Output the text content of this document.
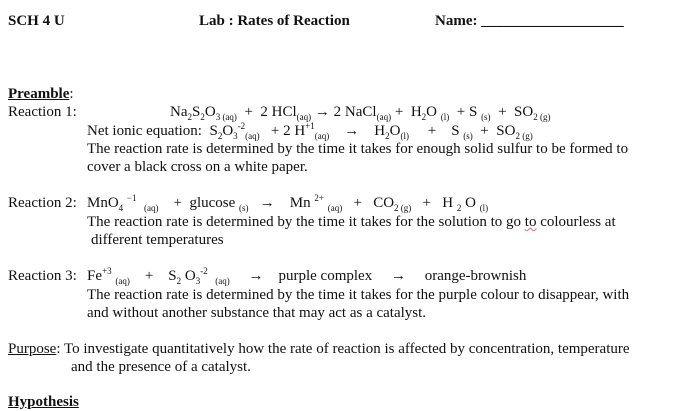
SCH 4 U	Lab : Rates of Reaction	Name: ___________________
Preamble:
Reaction 1:	$Na_2S_2O_{3 (aq)} + 2$ HCl$_{(aq)}$ → 2 NaCl$_{(aq)}$ + $H_2O$ $_{(l)}$ + S $_{(s)} + SO_{2 (g)}$
Net ionic equation: $S_2O_3^{-2}_{(aq)} + 2$ $H^{+1}_{(aq)} \to H_2O_{(l)} + S$ $_{(s)} + SO_{2 (g)}$
The reaction rate is determined by the time it takes for enough solid sulfur to be formed to
cover a black cross on a white paper.
Reaction 2: MnO$_4$ $^{-1}$  $_{(aq)}$ + glucose $_{(s)}$ → Mn $^{2+}$ $_{(aq)} + CO_{2 (g)} + H$ $_2$ O $_{(l)}$
The reaction rate is determined by the time it takes for the solution to go to colourless at
different temperatures
Reaction 3: $Fe^{+3}$ $_{(aq)} + S_2$ $O_3^{-2}$  $_{(aq)}$ → purple complex → orange-brownish
The reaction rate is determined by the time it takes for the purple colour to disappear, with
and without another substance that may act as a catalyst.
Purpose: To investigate quantitatively how the rate of reaction is affected by concentration, temperature
and the presence of a catalyst.
Hypothesis
